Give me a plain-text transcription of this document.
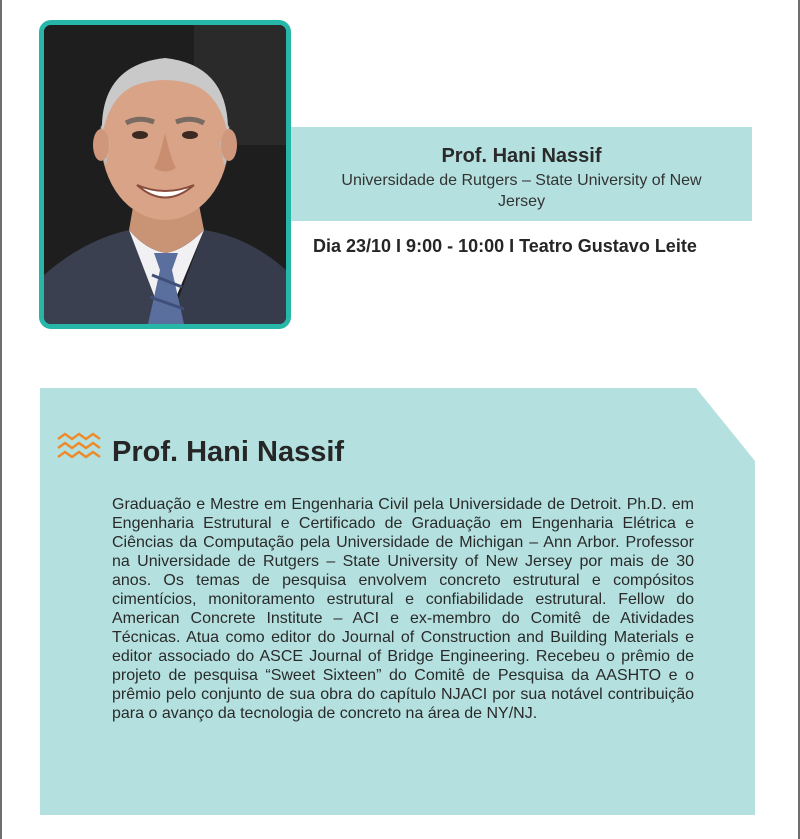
Prof. Hani Nassif
Universidade de Rutgers – State University of New Jersey
Dia 23/10 I 9:00 - 10:00 I Teatro Gustavo Leite
Prof. Hani Nassif
Graduação e Mestre em Engenharia Civil pela Universidade de Detroit. Ph.D. em Engenharia Estrutural e Certificado de Graduação em Engenharia Elétrica e Ciências da Computação pela Universidade de Michigan – Ann Arbor. Professor na Universidade de Rutgers – State University of New Jersey por mais de 30 anos. Os temas de pesquisa envolvem concreto estrutural e compósitos cimentícios, monitoramento estrutural e confiabilidade estrutural. Fellow do American Concrete Institute – ACI e ex-membro do Comitê de Atividades Técnicas. Atua como editor do Journal of Construction and Building Materials e editor associado do ASCE Journal of Bridge Engineering. Recebeu o prêmio de projeto de pesquisa “Sweet Sixteen” do Comitê de Pesquisa da AASHTO e o prêmio pelo conjunto de sua obra do capítulo NJACI por sua notável contribuição para o avanço da tecnologia de concreto na área de NY/NJ.
